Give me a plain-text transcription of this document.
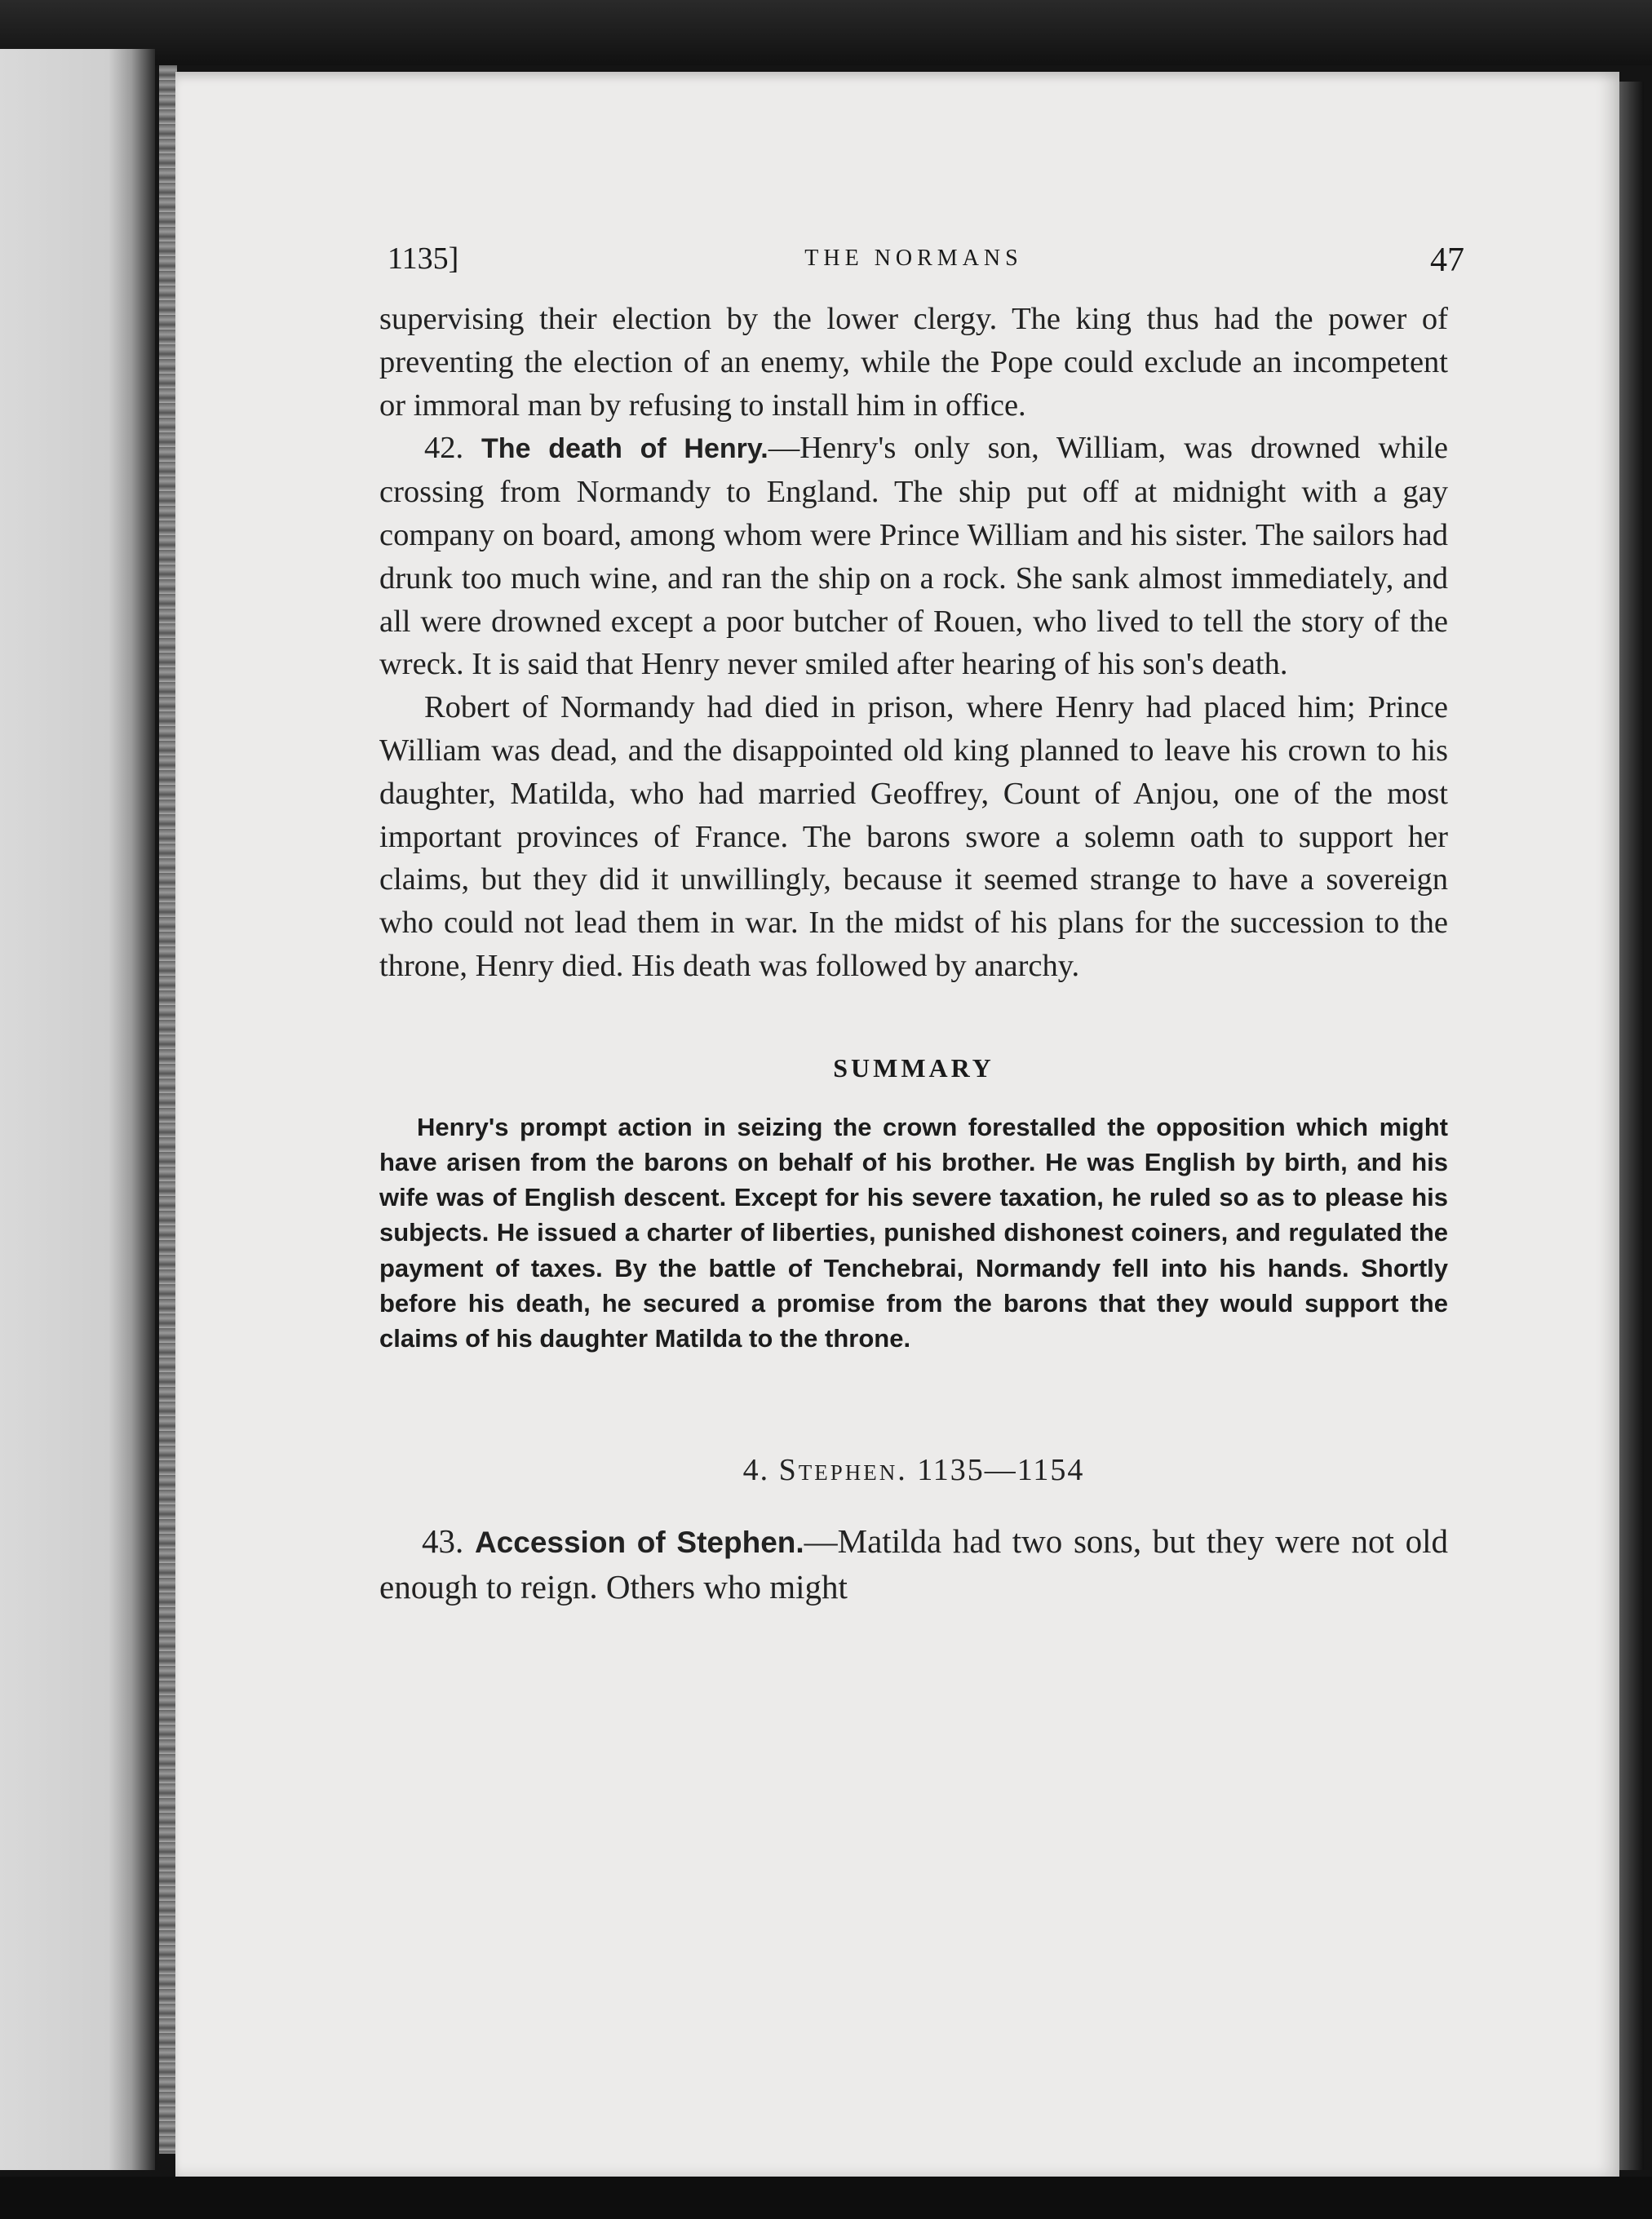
1135]	THE NORMANS	47

supervising their election by the lower clergy. The king thus had the power of preventing the election of an enemy, while the Pope could exclude an incompetent or immoral man by refusing to install him in office.

42. The death of Henry.—Henry's only son, William, was drowned while crossing from Normandy to England. The ship put off at midnight with a gay company on board, among whom were Prince William and his sister. The sailors had drunk too much wine, and ran the ship on a rock. She sank almost immediately, and all were drowned except a poor butcher of Rouen, who lived to tell the story of the wreck. It is said that Henry never smiled after hearing of his son's death.

Robert of Normandy had died in prison, where Henry had placed him; Prince William was dead, and the disappointed old king planned to leave his crown to his daughter, Matilda, who had married Geoffrey, Count of Anjou, one of the most important provinces of France. The barons swore a solemn oath to support her claims, but they did it unwillingly, because it seemed strange to have a sovereign who could not lead them in war. In the midst of his plans for the succession to the throne, Henry died. His death was followed by anarchy.

SUMMARY

Henry's prompt action in seizing the crown forestalled the opposition which might have arisen from the barons on behalf of his brother. He was English by birth, and his wife was of English descent. Except for his severe taxation, he ruled so as to please his subjects. He issued a charter of liberties, punished dishonest coiners, and regulated the payment of taxes. By the battle of Tenchebrai, Normandy fell into his hands. Shortly before his death, he secured a promise from the barons that they would support the claims of his daughter Matilda to the throne.

4. Stephen. 1135—1154

43. Accession of Stephen.—Matilda had two sons, but they were not old enough to reign. Others who might
